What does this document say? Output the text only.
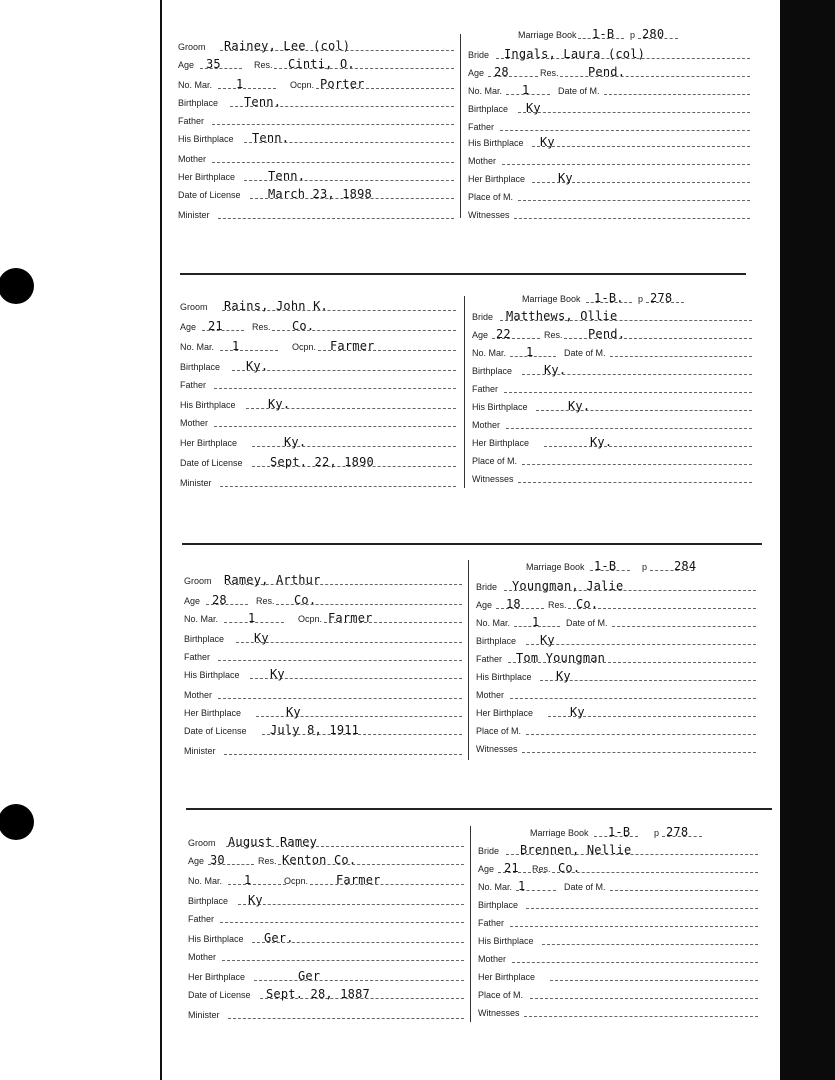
Groom Rainey, Lee (col)
Age 35	Res. Cinti, O.
No. Mar. 1	Ocpn. Porter
Birthplace Tenn.
Father
His Birthplace Tenn.
Mother
Her Birthplace	Tenn.
Date of License March 23, 1898
Minister
Marriage Book 1-B p 280
Bride Ingals, Laura (col)
Age 28	Res. Pend.
No. Mar. 1	Date of M.
Birthplace Ky
Father
His Birthplace Ky
Mother
Her Birthplace	Ky
Place of M.
Witnesses
Groom Rains, John K.
Age 21	Res. Co.
No. Mar. 1	Ocpn. Farmer
Birthplace Ky.
Father
His Birthplace	Ky.
Mother
Her Birthplace	Ky.
Date of License Sept. 22, 1890
Minister
Marriage Book 1-B. p 278
Bride Matthews, Ollie
Age 22	Res. Pend.
No. Mar. 1	Date of M.
Birthplace	Ky.
Father
His Birthplace	Ky.
Mother
Her Birthplace	Ky.
Place of M.
Witnesses
Groom Ramey, Arthur
Age 28	Res. Co.
No. Mar. 1	Ocpn. Farmer
Birthplace Ky
Father
His Birthplace	Ky
Mother
Her Birthplace	Ky
Date of License July 8, 1911
Minister
Marriage Book 1-B	p 284
Bride Youngman, Jalie
Age 18	Res. Co.
No. Mar. 1	Date of M.
Birthplace Ky
Father Tom Youngman
His Birthplace Ky
Mother
Her Birthplace	Ky
Place of M.
Witnesses
Groom August Ramey
Age 30	Res. Kenton Co.
No. Mar. 1	Ocpn. Farmer
Birthplace Ky
Father
His Birthplace Ger.
Mother
Her Birthplace	Ger
Date of License Sept. 28, 1887
Minister
Marriage Book 1-B	p 278
Bride Brennen, Nellie
Age 21 Res. Co.
No. Mar. 1	Date of M.
Birthplace
Father
His Birthplace
Mother
Her Birthplace
Place of M.
Witnesses
